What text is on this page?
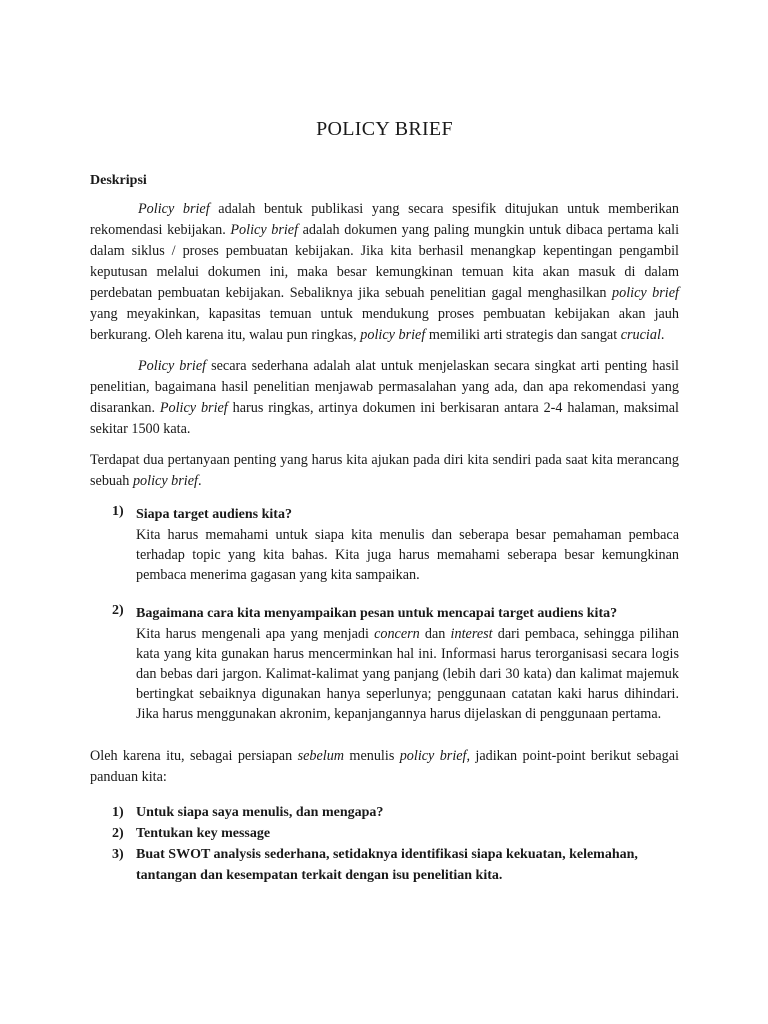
POLICY BRIEF
Deskripsi

Policy brief adalah bentuk publikasi yang secara spesifik ditujukan untuk memberikan rekomendasi kebijakan. Policy brief adalah dokumen yang paling mungkin untuk dibaca pertama kali dalam siklus / proses pembuatan kebijakan. Jika kita berhasil menangkap kepentingan pengambil keputusan melalui dokumen ini, maka besar kemungkinan temuan kita akan masuk di dalam perdebatan pembuatan kebijakan. Sebaliknya jika sebuah penelitian gagal menghasilkan policy brief yang meyakinkan, kapasitas temuan untuk mendukung proses pembuatan kebijakan akan jauh berkurang. Oleh karena itu, walau pun ringkas, policy brief memiliki arti strategis dan sangat crucial.

Policy brief secara sederhana adalah alat untuk menjelaskan secara singkat arti penting hasil penelitian, bagaimana hasil penelitian menjawab permasalahan yang ada, dan apa rekomendasi yang disarankan. Policy brief harus ringkas, artinya dokumen ini berkisaran antara 2-4 halaman, maksimal sekitar 1500 kata.

Terdapat dua pertanyaan penting yang harus kita ajukan pada diri kita sendiri pada saat kita merancang sebuah policy brief.

1) Siapa target audiens kita?
Kita harus memahami untuk siapa kita menulis dan seberapa besar pemahaman pembaca terhadap topic yang kita bahas. Kita juga harus memahami seberapa besar kemungkinan pembaca menerima gagasan yang kita sampaikan.
2) Bagaimana cara kita menyampaikan pesan untuk mencapai target audiens kita?
Kita harus mengenali apa yang menjadi concern dan interest dari pembaca, sehingga pilihan kata yang kita gunakan harus mencerminkan hal ini. Informasi harus terorganisasi secara logis dan bebas dari jargon. Kalimat-kalimat yang panjang (lebih dari 30 kata) dan kalimat majemuk bertingkat sebaiknya digunakan hanya seperlunya; penggunaan catatan kaki harus dihindari. Jika harus menggunakan akronim, kepanjangannya harus dijelaskan di penggunaan pertama.

Oleh karena itu, sebagai persiapan sebelum menulis policy brief, jadikan point-point berikut sebagai panduan kita:

1) Untuk siapa saya menulis, dan mengapa?
2) Tentukan key message
3) Buat SWOT analysis sederhana, setidaknya identifikasi siapa kekuatan, kelemahan, tantangan dan kesempatan terkait dengan isu penelitian kita.
